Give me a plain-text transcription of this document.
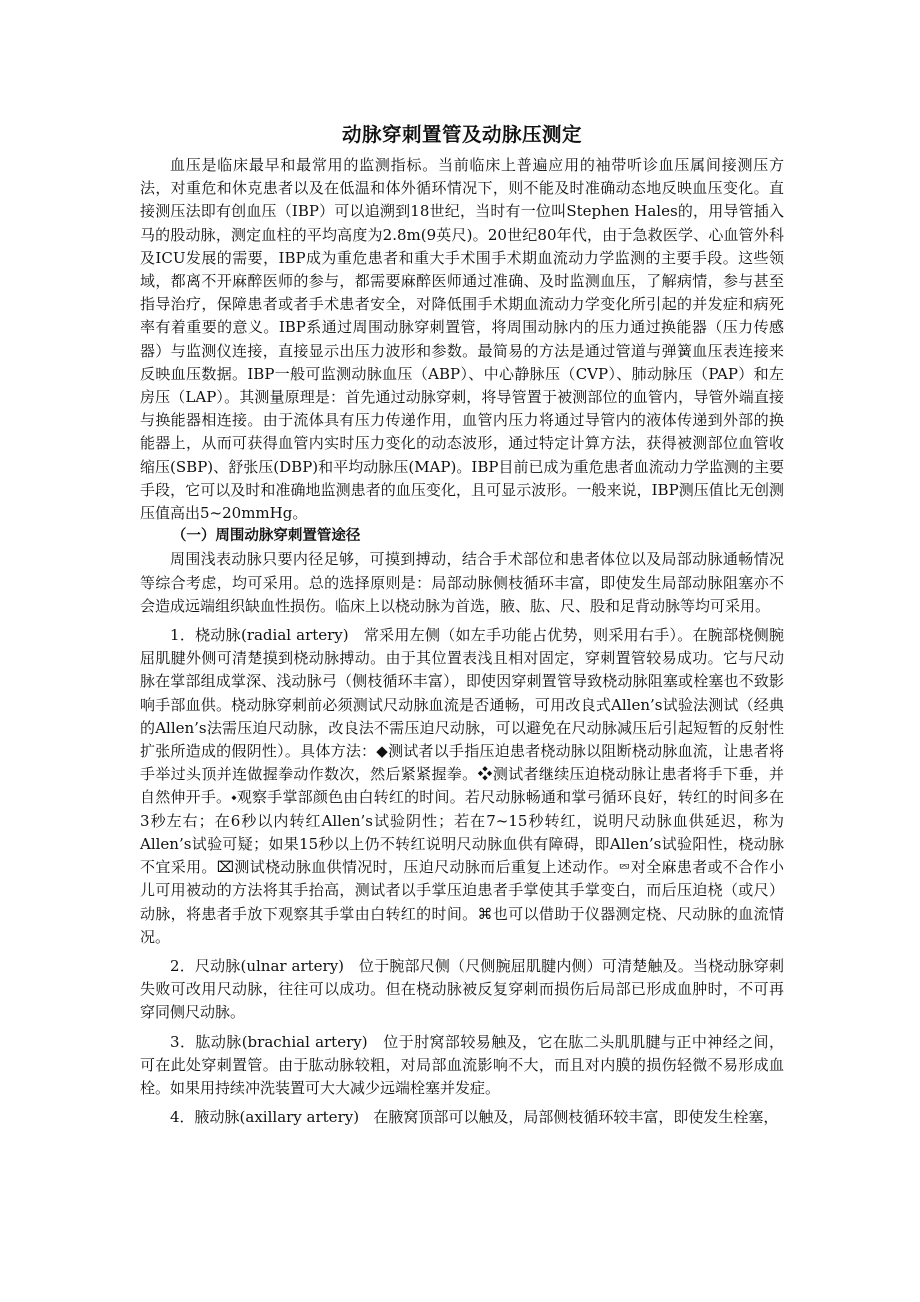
动脉穿刺置管及动脉压测定

血压是临床最早和最常用的监测指标。当前临床上普遍应用的袖带听诊血压属间接测压方法，对重危和休克患者以及在低温和体外循环情况下，则不能及时准确动态地反映血压变化。直接测压法即有创血压（IBP）可以追溯到18世纪，当时有一位叫Stephen Hales的，用导管插入马的股动脉，测定血柱的平均高度为2.8m(9英尺)。20世纪80年代，由于急救医学、心血管外科及ICU发展的需要，IBP成为重危患者和重大手术围手术期血流动力学监测的主要手段。这些领域，都离不开麻醉医师的参与，都需要麻醉医师通过准确、及时监测血压，了解病情，参与甚至指导治疗，保障患者或者手术患者安全，对降低围手术期血流动力学变化所引起的并发症和病死率有着重要的意义。IBP系通过周围动脉穿刺置管，将周围动脉内的压力通过换能器（压力传感器）与监测仪连接，直接显示出压力波形和参数。最简易的方法是通过管道与弹簧血压表连接来反映血压数据。IBP一般可监测动脉血压（ABP）、中心静脉压（CVP）、肺动脉压（PAP）和左房压（LAP）。其测量原理是：首先通过动脉穿刺，将导管置于被测部位的血管内，导管外端直接与换能器相连接。由于流体具有压力传递作用，血管内压力将通过导管内的液体传递到外部的换能器上，从而可获得血管内实时压力变化的动态波形，通过特定计算方法，获得被测部位血管收缩压(SBP)、舒张压(DBP)和平均动脉压(MAP)。IBP目前已成为重危患者血流动力学监测的主要手段，它可以及时和准确地监测患者的血压变化，且可显示波形。一般来说，IBP测压值比无创测压值高出5~20mmHg。

（一）周围动脉穿刺置管途径

周围浅表动脉只要内径足够，可摸到搏动，结合手术部位和患者体位以及局部动脉通畅情况等综合考虑，均可采用。总的选择原则是：局部动脉侧枝循环丰富，即使发生局部动脉阻塞亦不会造成远端组织缺血性损伤。临床上以桡动脉为首选，腋、肱、尺、股和足背动脉等均可采用。

1．桡动脉(radial artery) 常采用左侧（如左手功能占优势，则采用右手）。在腕部桡侧腕屈肌腱外侧可清楚摸到桡动脉搏动。由于其位置表浅且相对固定，穿刺置管较易成功。它与尺动脉在掌部组成掌深、浅动脉弓（侧枝循环丰富），即使因穿刺置管导致桡动脉阻塞或栓塞也不致影响手部血供。桡动脉穿刺前必须测试尺动脉血流是否通畅，可用改良式Allen’s试验法测试（经典的Allen’s法需压迫尺动脉，改良法不需压迫尺动脉，可以避免在尺动脉减压后引起短暂的反射性扩张所造成的假阴性）。具体方法：◆测试者以手指压迫患者桡动脉以阻断桡动脉血流，让患者将手举过头顶并连做握拳动作数次，然后紧紧握拳。❖测试者继续压迫桡动脉让患者将手下垂，并自然伸开手。⬩观察手掌部颜色由白转红的时间。若尺动脉畅通和掌弓循环良好，转红的时间多在3秒左右；在6秒以内转红Allen’s试验阴性；若在7~15秒转红，说明尺动脉血供延迟，称为Allen’s试验可疑；如果15秒以上仍不转红说明尺动脉血供有障碍，即Allen’s试验阳性，桡动脉不宜采用。⌧测试桡动脉血供情况时，压迫尺动脉而后重复上述动作。⮹对全麻患者或不合作小儿可用被动的方法将其手抬高，测试者以手掌压迫患者手掌使其手掌变白，而后压迫桡（或尺）动脉，将患者手放下观察其手掌由白转红的时间。⌘也可以借助于仪器测定桡、尺动脉的血流情况。

2．尺动脉(ulnar artery) 位于腕部尺侧（尺侧腕屈肌腱内侧）可清楚触及。当桡动脉穿刺失败可改用尺动脉，往往可以成功。但在桡动脉被反复穿刺而损伤后局部已形成血肿时，不可再穿同侧尺动脉。

3．肱动脉(brachial artery) 位于肘窝部较易触及，它在肱二头肌肌腱与正中神经之间，可在此处穿刺置管。由于肱动脉较粗，对局部血流影响不大，而且对内膜的损伤轻微不易形成血栓。如果用持续冲洗装置可大大减少远端栓塞并发症。

4．腋动脉(axillary artery) 在腋窝顶部可以触及，局部侧枝循环较丰富，即使发生栓塞，
